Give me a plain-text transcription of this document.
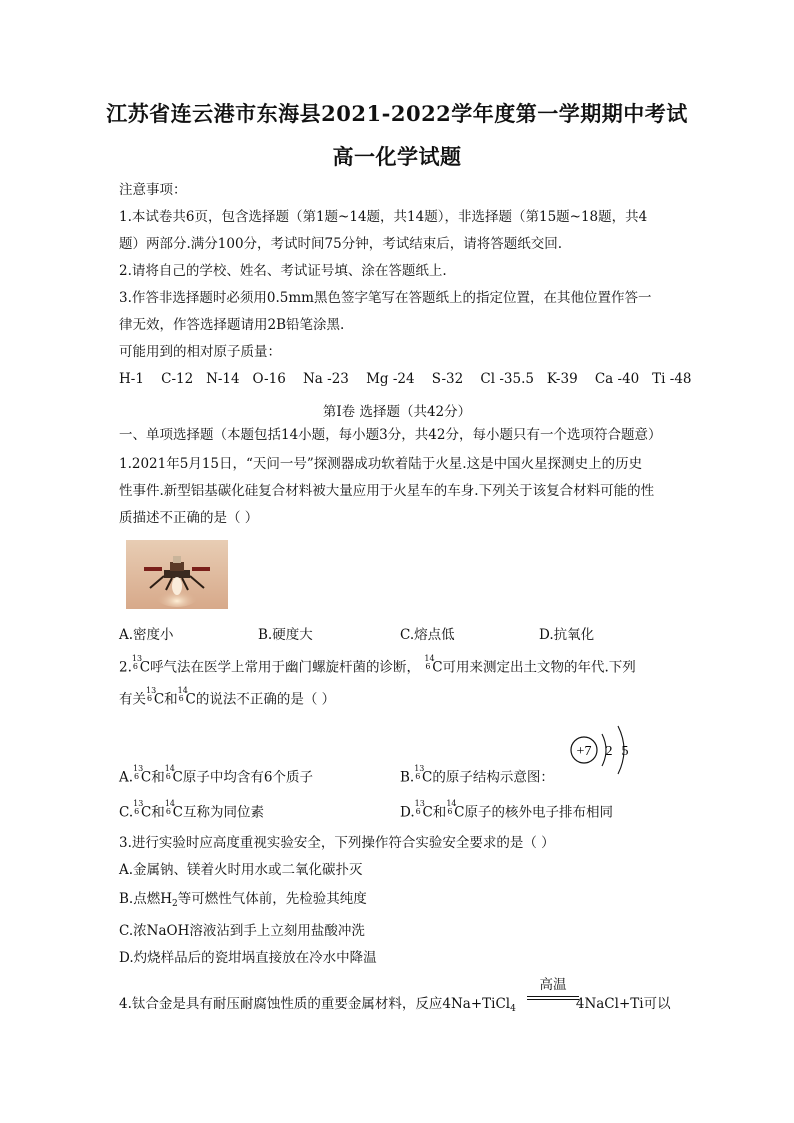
江苏省连云港市东海县2021-2022学年度第一学期期中考试
高一化学试题
注意事项：
1.本试卷共6页，包含选择题（第1题~14题，共14题），非选择题（第15题~18题，共4
题）两部分.满分100分，考试时间75分钟，考试结束后，请将答题纸交回.
2.请将自己的学校、姓名、考试证号填、涂在答题纸上.
3.作答非选择题时必须用0.5mm黑色签字笔写在答题纸上的指定位置，在其他位置作答一
律无效，作答选择题请用2B铅笔涂黑.
可能用到的相对原子质量：
H-1 C-12 N-14 O-16 Na -23 Mg -24 S-32 Cl -35.5 K-39 Ca -40 Ti -48
第Ⅰ卷 选择题（共42分）
一、单项选择题（本题包括14小题，每小题3分，共42分，每小题只有一个选项符合题意）
1.2021年5月15日，“天问一号”探测器成功软着陆于火星.这是中国火星探测史上的历史
性事件.新型铝基碳化硅复合材料被大量应用于火星车的车身.下列关于该复合材料可能的性
质描述不正确的是（ ）
A.密度小	B.硬度大	C.熔点低	D.抗氧化
2.
13
6 C呼气法在医学上常用于幽门螺旋杆菌的诊断，
14
6 C可用来测定出土文物的年代.下列
有关
13
6 C和
14
6 C的说法不正确的是（ ）
+7 2 5
A.
13
6 C和
14
6 C原子中均含有6个质子	B.
13
6 C的原子结构示意图：
C.
13
6 C和
14
6 C互称为同位素	D.
13
6 C和
14
6 C原子的核外电子排布相同
3.进行实验时应高度重视实验安全，下列操作符合实验安全要求的是（ ）
A.金属钠、镁着火时用水或二氧化碳扑灭
B.点燃$H_2$等可燃性气体前，先检验其纯度
C.浓NaOH溶液沾到手上立刻用盐酸冲洗
D.灼烧样品后的瓷坩埚直接放在冷水中降温
4.钛合金是具有耐压耐腐蚀性质的重要金属材料，反应4Na+TiCl$_4$	4NaCl+Ti可以
高温
